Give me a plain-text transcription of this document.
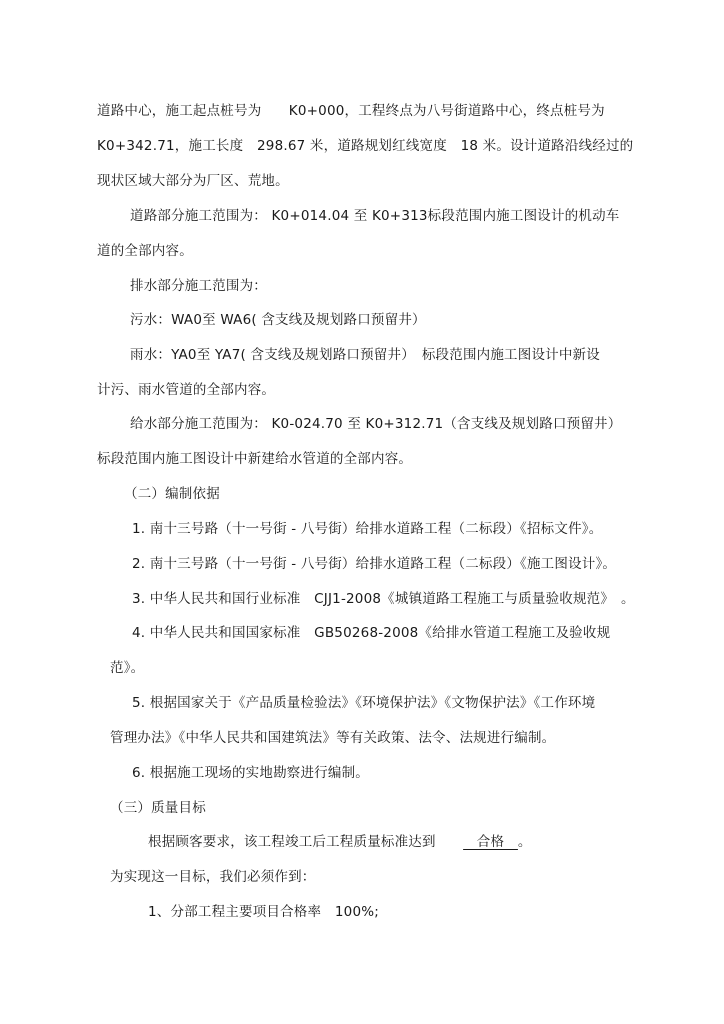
道路中心，施工起点桩号为　　K0+000，工程终点为八号街道路中心，终点桩号为
K0+342.71，施工长度　298.67 米，道路规划红线宽度　18 米。设计道路沿线经过的
现状区域大部分为厂区、荒地。
道路部分施工范围为： K0+014.04 至 K0+313标段范围内施工图设计的机动车
道的全部内容。
排水部分施工范围为：
污水：WA0至 WA6( 含支线及规划路口预留井）
雨水：YA0至 YA7( 含支线及规划路口预留井）　标段范围内施工图设计中新设
计污、雨水管道的全部内容。
给水部分施工范围为： K0-024.70 至 K0+312.71（含支线及规划路口预留井）
标段范围内施工图设计中新建给水管道的全部内容。
（二）编制依据
1. 南十三号路（十一号街 - 八号街）给排水道路工程（二标段）《招标文件》。
2. 南十三号路（十一号街 - 八号街）给排水道路工程（二标段）《施工图设计》。
3. 中华人民共和国行业标准　CJJ1-2008《城镇道路工程施工与质量验收规范》　。
4. 中华人民共和国国家标准　GB50268-2008《给排水管道工程施工及验收规
范》。
5. 根据国家关于《产品质量检验法》《环境保护法》《文物保护法》《工作环境
管理办法》《中华人民共和国建筑法》等有关政策、法令、法规进行编制。
6. 根据施工现场的实地勘察进行编制。
（三）质量目标
根据顾客要求，该工程竣工后工程质量标准达到　　　合格　。
为实现这一目标，我们必须作到：
1、分部工程主要项目合格率　100%;
